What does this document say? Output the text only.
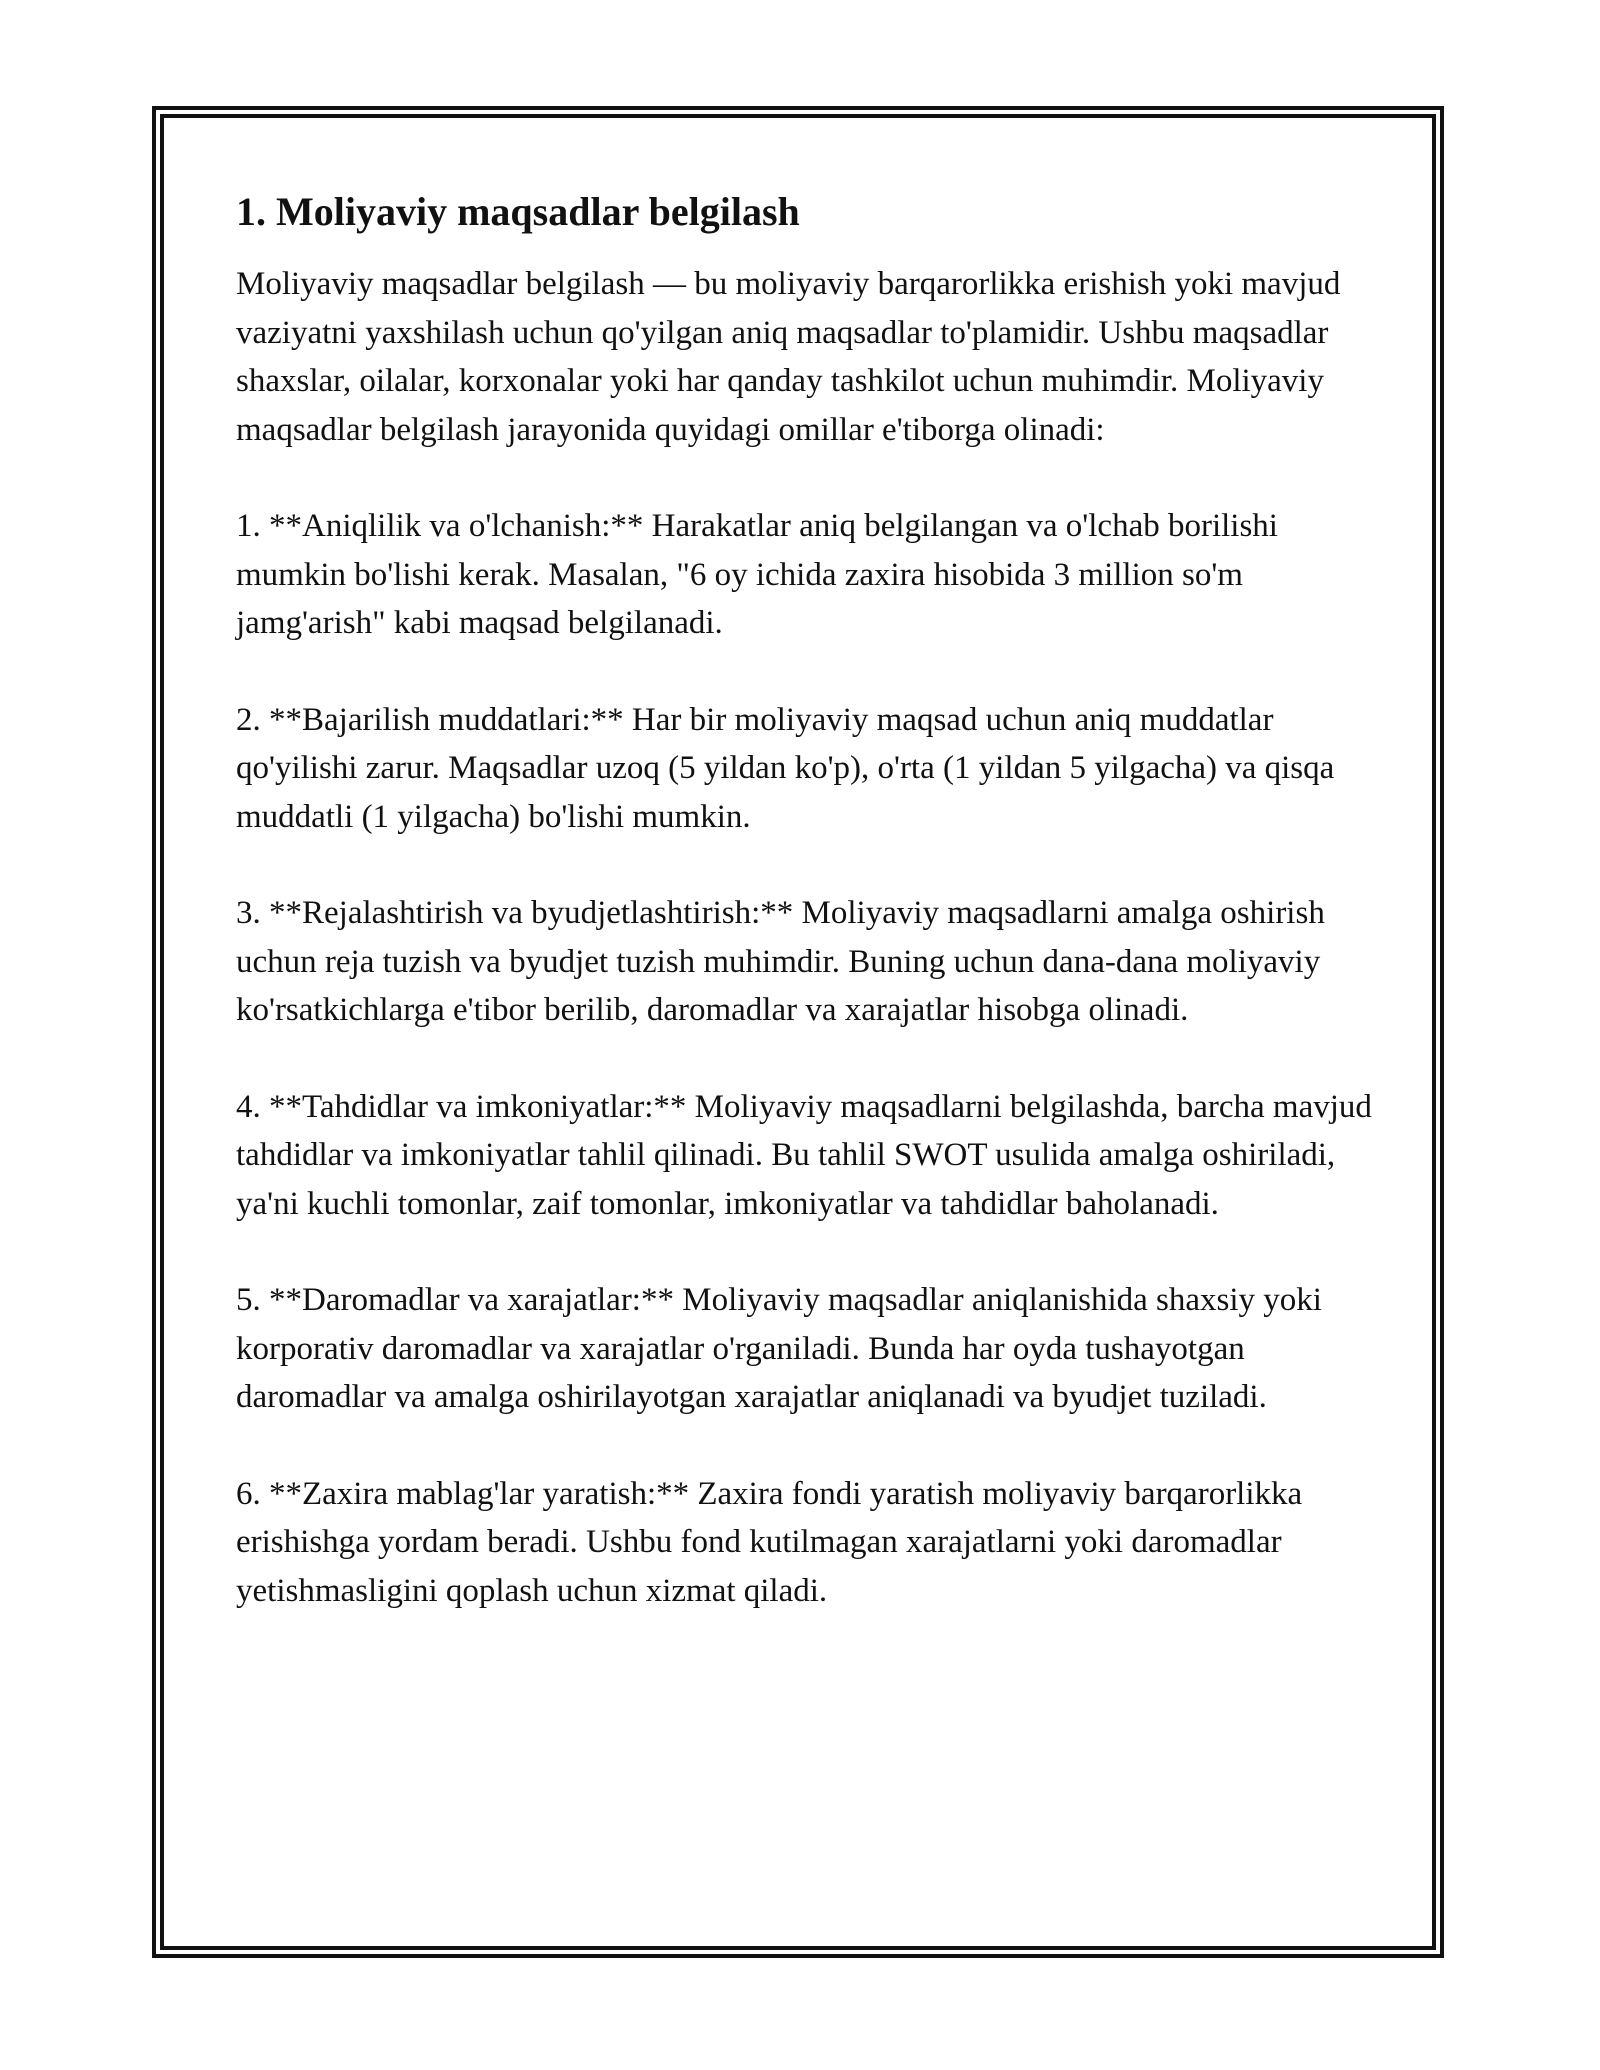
1. Moliyaviy maqsadlar belgilash

Moliyaviy maqsadlar belgilash — bu moliyaviy barqarorlikka erishish yoki mavjud vaziyatni yaxshilash uchun qo'yilgan aniq maqsadlar to'plamidir. Ushbu maqsadlar shaxslar, oilalar, korxonalar yoki har qanday tashkilot uchun muhimdir. Moliyaviy maqsadlar belgilash jarayonida quyidagi omillar e'tiborga olinadi:

1. **Aniqlilik va o'lchanish:** Harakatlar aniq belgilangan va o'lchab borilishi mumkin bo'lishi kerak. Masalan, "6 oy ichida zaxira hisobida 3 million so'm jamg'arish" kabi maqsad belgilanadi.

2. **Bajarilish muddatlari:** Har bir moliyaviy maqsad uchun aniq muddatlar qo'yilishi zarur. Maqsadlar uzoq (5 yildan ko'p), o'rta (1 yildan 5 yilgacha) va qisqa muddatli (1 yilgacha) bo'lishi mumkin.

3. **Rejalashtirish va byudjetlashtirish:** Moliyaviy maqsadlarni amalga oshirish uchun reja tuzish va byudjet tuzish muhimdir. Buning uchun dana-dana moliyaviy ko'rsatkichlarga e'tibor berilib, daromadlar va xarajatlar hisobga olinadi.

4. **Tahdidlar va imkoniyatlar:** Moliyaviy maqsadlarni belgilashda, barcha mavjud tahdidlar va imkoniyatlar tahlil qilinadi. Bu tahlil SWOT usulida amalga oshiriladi, ya'ni kuchli tomonlar, zaif tomonlar, imkoniyatlar va tahdidlar baholanadi.

5. **Daromadlar va xarajatlar:** Moliyaviy maqsadlar aniqlanishida shaxsiy yoki korporativ daromadlar va xarajatlar o'rganiladi. Bunda har oyda tushayotgan daromadlar va amalga oshirilayotgan xarajatlar aniqlanadi va byudjet tuziladi.

6. **Zaxira mablag'lar yaratish:** Zaxira fondi yaratish moliyaviy barqarorlikka erishishga yordam beradi. Ushbu fond kutilmagan xarajatlarni yoki daromadlar yetishmasligini qoplash uchun xizmat qiladi.
